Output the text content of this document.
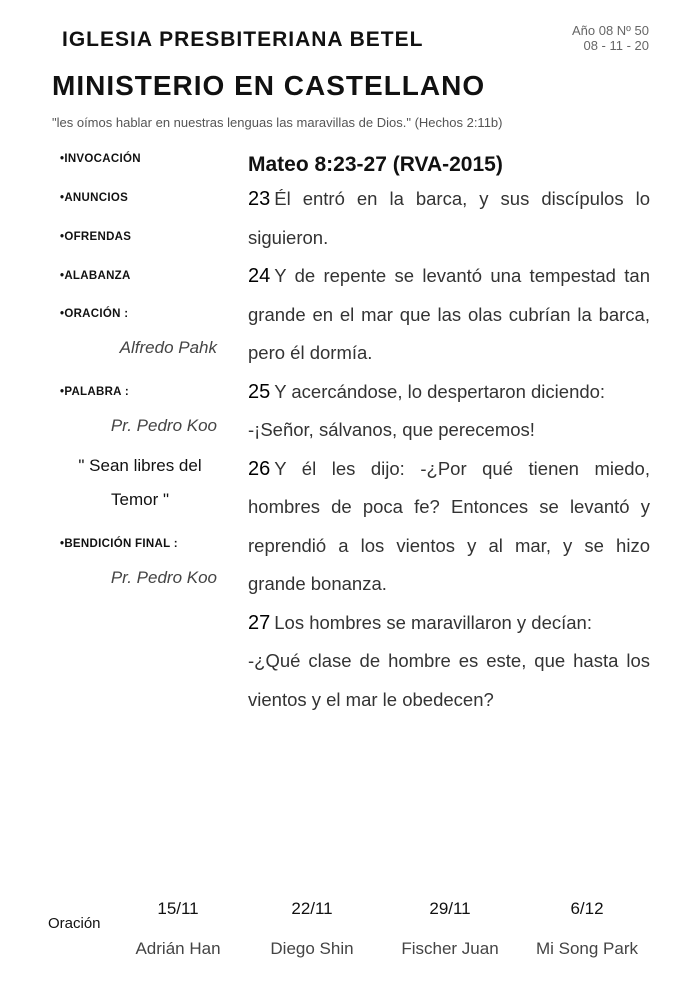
IGLESIA PRESBITERIANA BETEL	Año 08 Nº 50
08 - 11 - 20
MINISTERIO EN CASTELLANO
"les oímos hablar en nuestras lenguas las maravillas de Dios." (Hechos 2:11b)
•INVOCACIÓN
•ANUNCIOS
•OFRENDAS
•ALABANZA
•ORACIÓN :
Alfredo Pahk
•PALABRA :
Pr. Pedro Koo
" Sean libres del
Temor "
•BENDICIÓN FINAL :
Pr. Pedro Koo

Mateo 8:23-27 (RVA-2015)

23 Él entró en la barca, y sus discípulos lo siguieron.

24 Y de repente se levantó una tempestad tan grande en el mar que las olas cubrían la barca, pero él dormía.

25 Y acercándose, lo despertaron diciendo:
-¡Señor, sálvanos, que perecemos!

26 Y él les dijo: -¿Por qué tienen miedo, hombres de poca fe? Entonces se levantó y reprendió a los vientos y al mar, y se hizo grande bonanza.

27 Los hombres se maravillaron y decían:
-¿Qué clase de hombre es este, que hasta los vientos y el mar le obedecen?

Oración
15/11
Adrián Han
22/11
Diego Shin
29/11
Fischer Juan
6/12
Mi Song Park
